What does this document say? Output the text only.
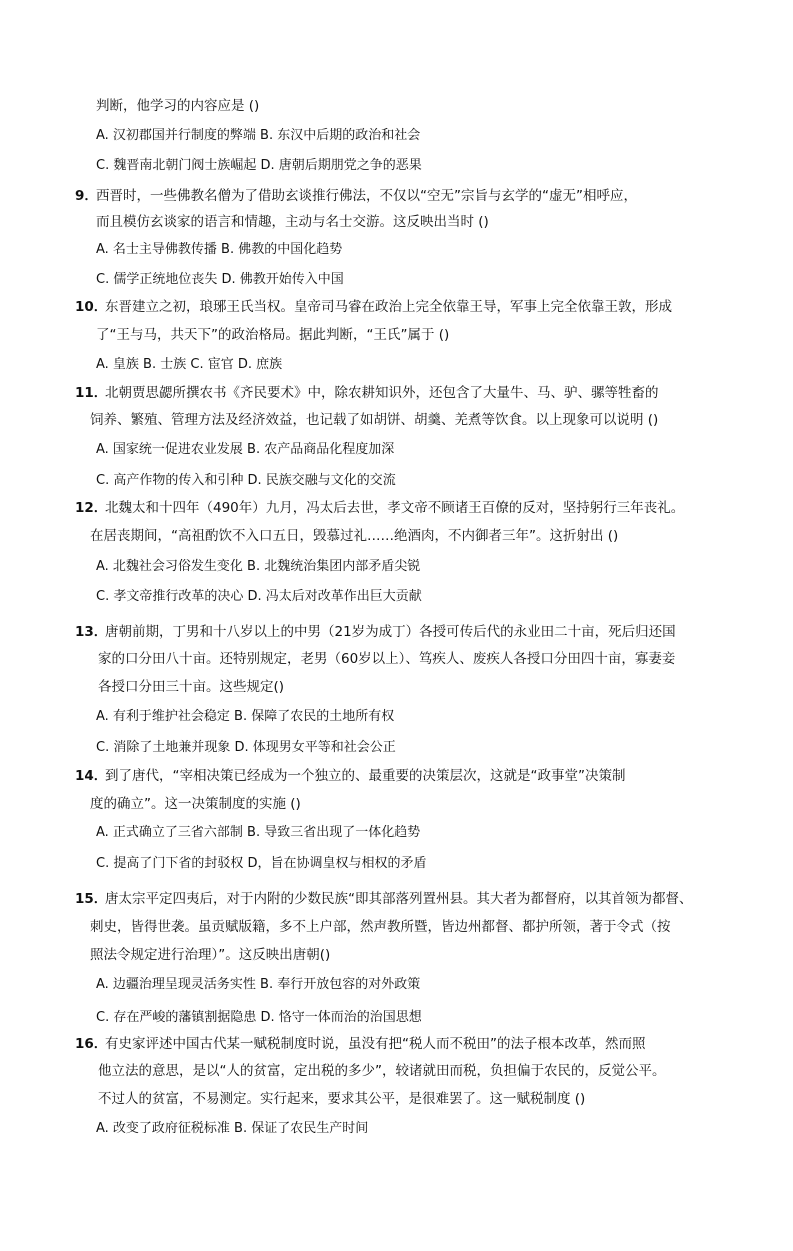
判断，他学习的内容应是 ()
A. 汉初郡国并行制度的弊端 B. 东汉中后期的政治和社会
C. 魏晋南北朝门阀士族崛起 D. 唐朝后期朋党之争的恶果
9．
西晋时，一些佛教名僧为了借助玄谈推行佛法，不仅以“空无”宗旨与玄学的“虚无”相呼应，
而且模仿玄谈家的语言和情趣，主动与名士交游。这反映出当时 ()
A. 名士主导佛教传播 B. 佛教的中国化趋势
C. 儒学正统地位丧失 D. 佛教开始传入中国
10．
东晋建立之初，琅琊王氏当权。皇帝司马睿在政治上完全依靠王导，军事上完全依靠王敦，形成
了“王与马，共天下”的政治格局。据此判断，“王氏”属于 ()
A. 皇族 B. 士族 C. 宦官 D. 庶族
11．
北朝贾思勰所撰农书《齐民要术》中，除农耕知识外，还包含了大量牛、马、驴、骡等牲畜的
饲养、繁殖、管理方法及经济效益，也记载了如胡饼、胡羹、羌煮等饮食。以上现象可以说明 ()
A. 国家统一促进农业发展 B. 农产品商品化程度加深
C. 高产作物的传入和引种 D. 民族交融与文化的交流
12．
北魏太和十四年（490年）九月，冯太后去世，孝文帝不顾诸王百僚的反对，坚持躬行三年丧礼。
在居丧期间，“高祖酌饮不入口五日，毁慕过礼……绝酒肉，不内御者三年”。这折射出 ()
A. 北魏社会习俗发生变化 B. 北魏统治集团内部矛盾尖锐
C. 孝文帝推行改革的决心 D. 冯太后对改革作出巨大贡献
13．
唐朝前期，丁男和十八岁以上的中男（21岁为成丁）各授可传后代的永业田二十亩，死后归还国
家的口分田八十亩。还特别规定，老男（60岁以上）、笃疾人、废疾人各授口分田四十亩，寡妻妾
各授口分田三十亩。这些规定()
A. 有利于维护社会稳定 B. 保障了农民的土地所有权
C. 消除了土地兼并现象 D. 体现男女平等和社会公正
14．
到了唐代，“宰相决策已经成为一个独立的、最重要的决策层次，这就是“政事堂”决策制
度的确立”。这一决策制度的实施 ()
A. 正式确立了三省六部制 B. 导致三省出现了一体化趋势
C. 提高了门下省的封驳权 D，旨在协调皇权与相权的矛盾
15．
唐太宗平定四夷后，对于内附的少数民族“即其部落列置州县。其大者为都督府，以其首领为都督、
刺史，皆得世袭。虽贡赋版籍，多不上户部，然声教所暨，皆边州都督、都护所领，著于令式（按
照法令规定进行治理）”。这反映出唐朝()
A. 边疆治理呈现灵活务实性 B. 奉行开放包容的对外政策
C. 存在严峻的藩镇割据隐患 D. 恪守一体而治的治国思想
16．
有史家评述中国古代某一赋税制度时说，虽没有把“税人而不税田”的法子根本改革，然而照
他立法的意思，是以“人的贫富，定出税的多少”，较诸就田而税，负担偏于农民的，反觉公平。
不过人的贫富，不易测定。实行起来，要求其公平，是很难罢了。这一赋税制度 ()
A. 改变了政府征税标准 B. 保证了农民生产时间
